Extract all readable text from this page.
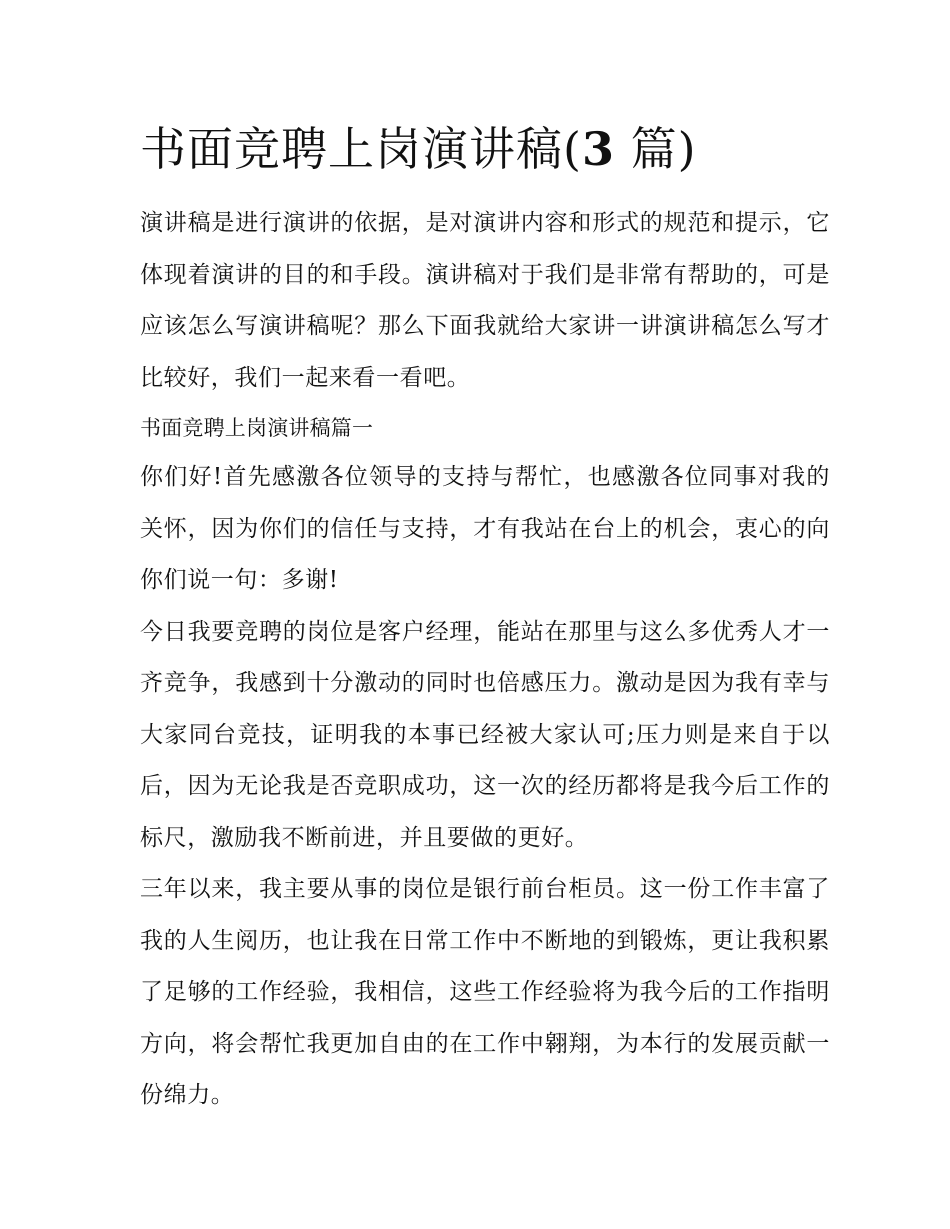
书面竞聘上岗演讲稿(3 篇)

演讲稿是进行演讲的依据，是对演讲内容和形式的规范和提示，它体现着演讲的目的和手段。演讲稿对于我们是非常有帮助的，可是应该怎么写演讲稿呢？那么下面我就给大家讲一讲演讲稿怎么写才比较好，我们一起来看一看吧。

书面竞聘上岗演讲稿篇一

你们好!首先感激各位领导的支持与帮忙，也感激各位同事对我的关怀，因为你们的信任与支持，才有我站在台上的机会，衷心的向你们说一句：多谢!

今日我要竞聘的岗位是客户经理，能站在那里与这么多优秀人才一齐竞争，我感到十分激动的同时也倍感压力。激动是因为我有幸与大家同台竞技，证明我的本事已经被大家认可;压力则是来自于以后，因为无论我是否竞职成功，这一次的经历都将是我今后工作的标尺，激励我不断前进，并且要做的更好。

三年以来，我主要从事的岗位是银行前台柜员。这一份工作丰富了我的人生阅历，也让我在日常工作中不断地的到锻炼，更让我积累了足够的工作经验，我相信，这些工作经验将为我今后的工作指明方向，将会帮忙我更加自由的在工作中翱翔，为本行的发展贡献一份绵力。
